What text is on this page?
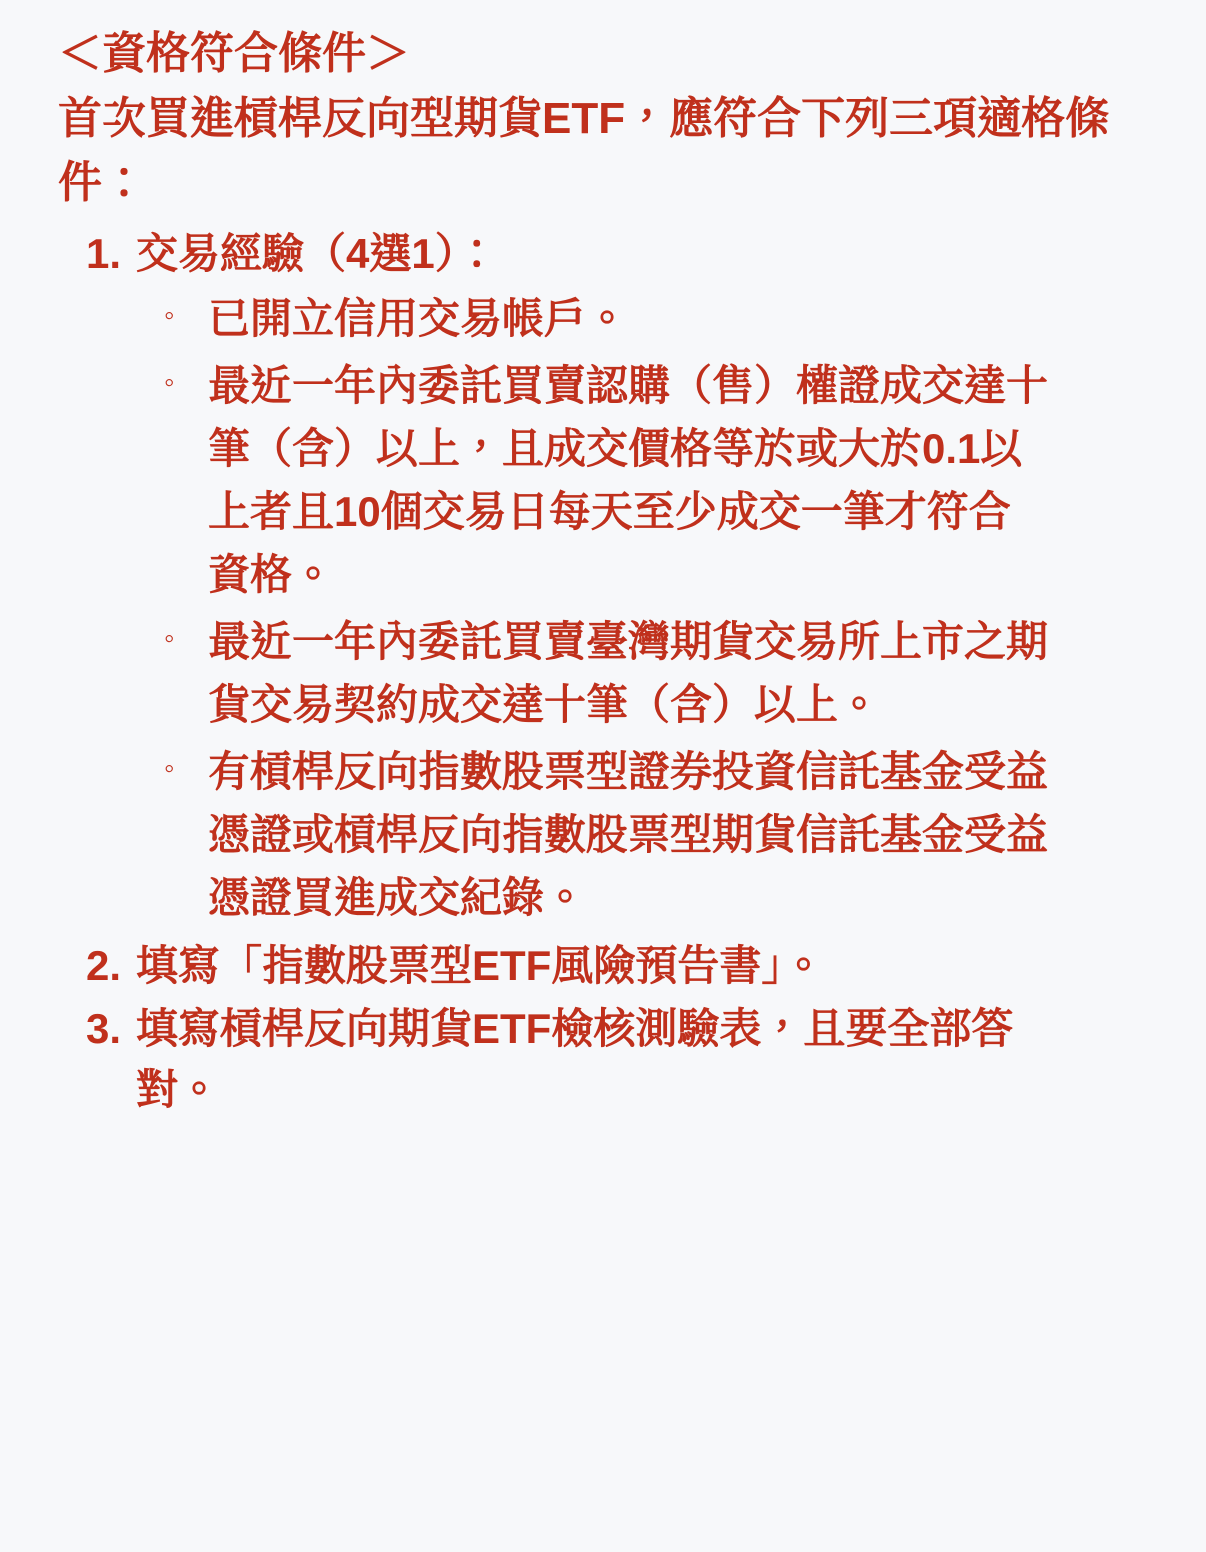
＜資格符合條件＞

首次買進槓桿反向型期貨ETF，應符合下列三項適格條件：

1. 交易經驗（4選1）：
◦ 已開立信用交易帳戶。
◦ 最近一年內委託買賣認購（售）權證成交達十筆（含）以上，且成交價格等於或大於0.1以上者且10個交易日每天至少成交一筆才符合資格。
◦ 最近一年內委託買賣臺灣期貨交易所上市之期貨交易契約成交達十筆（含）以上。
◦ 有槓桿反向指數股票型證券投資信託基金受益憑證或槓桿反向指數股票型期貨信託基金受益憑證買進成交紀錄。
2. 填寫「指數股票型ETF風險預告書」。
3. 填寫槓桿反向期貨ETF檢核測驗表，且要全部答對。
